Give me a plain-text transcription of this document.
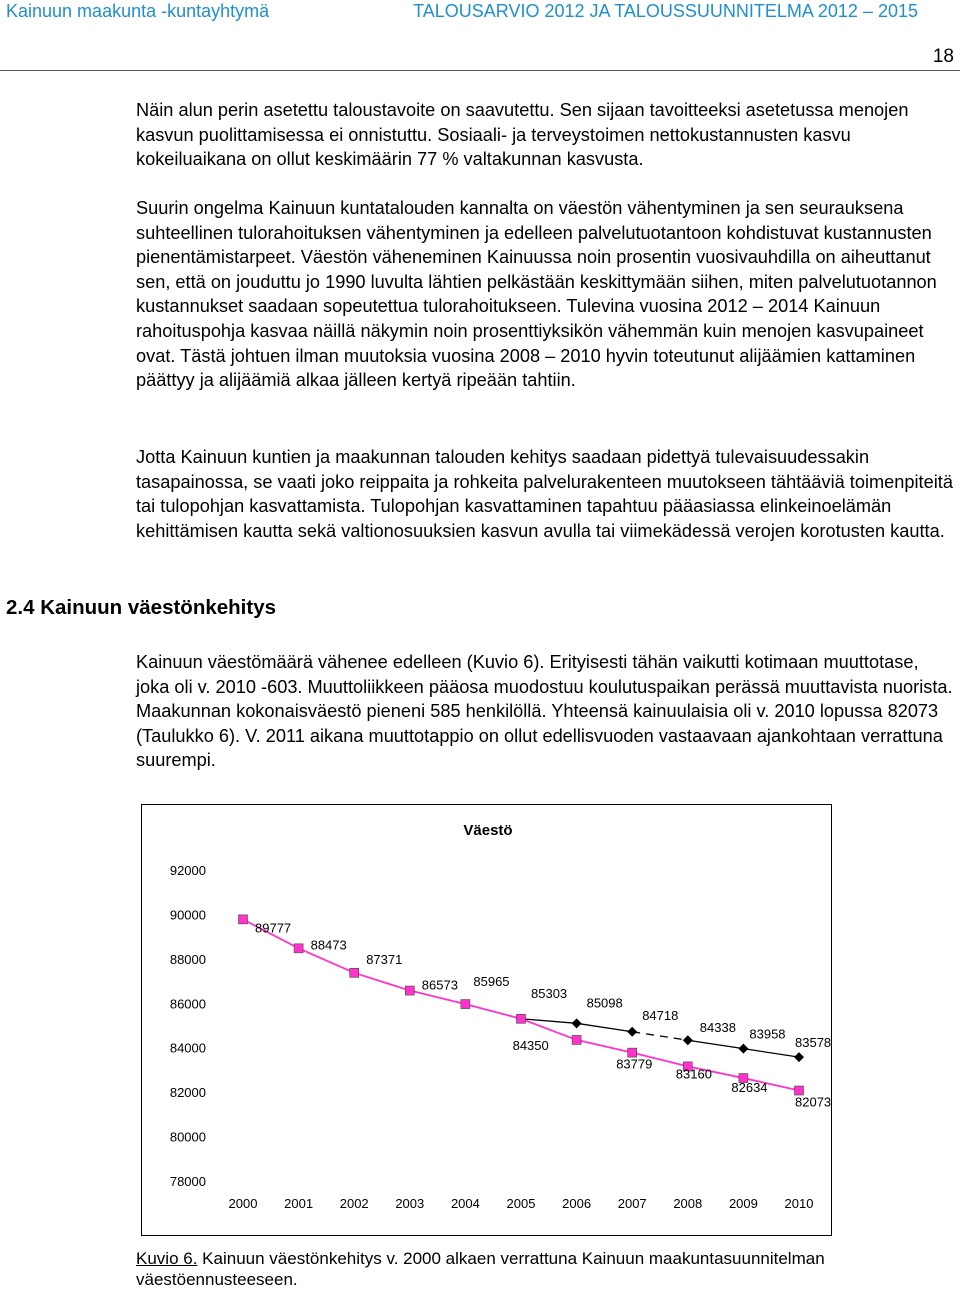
Kainuun maakunta -kuntayhtymä	TALOUSARVIO 2012 JA TALOUSSUUNNITELMA 2012 – 2015
18

Näin alun perin asetettu taloustavoite on saavutettu. Sen sijaan tavoitteeksi asetetussa menojen kasvun puolittamisessa ei onnistuttu. Sosiaali- ja terveystoimen nettokustannusten kasvu kokeiluaikana on ollut keskimäärin 77 % valtakunnan kasvusta.

Suurin ongelma Kainuun kuntatalouden kannalta on väestön vähentyminen ja sen seurauksena suhteellinen tulorahoituksen vähentyminen ja edelleen palvelutuotantoon kohdistuvat kustannusten pienentämistarpeet. Väestön väheneminen Kainuussa noin prosentin vuosivauhdilla on aiheuttanut sen, että on jouduttu jo 1990 luvulta lähtien pelkästään keskittymään siihen, miten palvelutuotannon kustannukset saadaan sopeutettua tulorahoitukseen. Tulevina vuosina 2012 – 2014 Kainuun rahoituspohja kasvaa näillä näkymin noin prosenttiyksikön vähemmän kuin menojen kasvupaineet ovat. Tästä johtuen ilman muutoksia vuosina 2008 – 2010 hyvin toteutunut alijäämien kattaminen päättyy ja alijäämiä alkaa jälleen kertyä ripeään tahtiin.

Jotta Kainuun kuntien ja maakunnan talouden kehitys saadaan pidettyä tulevaisuudessakin tasapainossa, se vaati joko reippaita ja rohkeita palvelurakenteen muutokseen tähtääviä toimenpiteitä tai tulopohjan kasvattamista. Tulopohjan kasvattaminen tapahtuu pääasiassa elinkeinoelämän kehittämisen kautta sekä valtionosuuksien kasvun avulla tai viimekädessä verojen korotusten kautta.

2.4 Kainuun väestönkehitys

Kainuun väestömäärä vähenee edelleen (Kuvio 6). Erityisesti tähän vaikutti kotimaan muuttotase, joka oli v. 2010 -603. Muuttoliikkeen pääosa muodostuu koulutuspaikan perässä muuttavista nuorista. Maakunnan kokonaisväestö pieneni 585 henkilöllä. Yhteensä kainuulaisia oli v. 2010 lopussa 82073 (Taulukko 6). V. 2011 aikana muuttotappio on ollut edellisvuoden vastaavaan ajankohtaan verrattuna suurempi.

Väestö
78000
80000
82000
84000
86000
88000
90000
92000
2000 2001 2002 2003 2004 2005 2006 2007 2008 2009 2010
89777
88473
87371
86573 85965
85303
84350
83779
83160
82634
82073
85098
84718
84338 83958
83578

Kuvio 6. Kainuun väestönkehitys v. 2000 alkaen verrattuna Kainuun maakuntasuunnitelman väestöennusteeseen.
